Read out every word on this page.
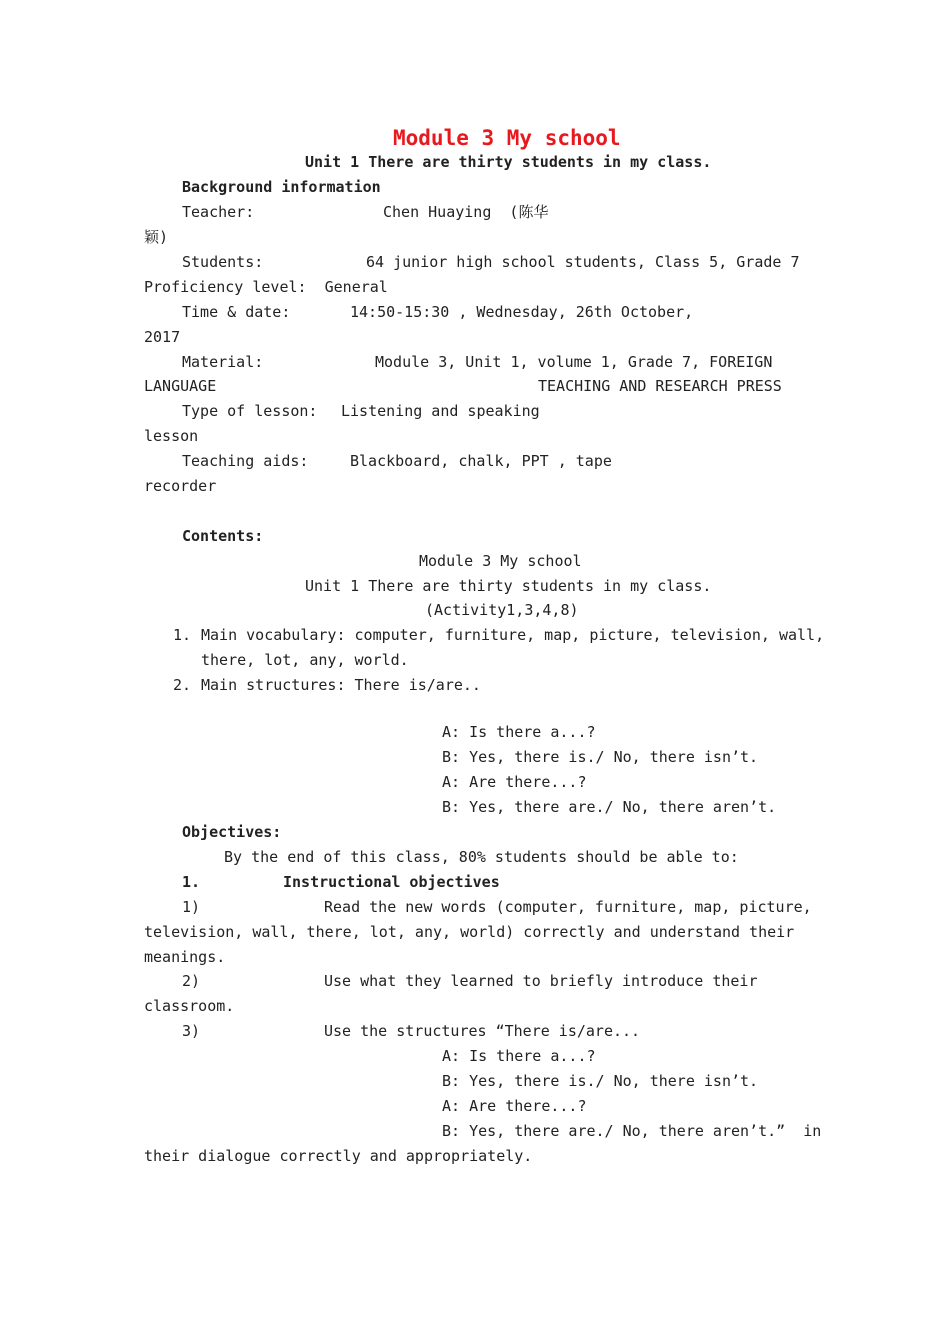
Module 3 My school
Unit 1 There are thirty students in my class.
Background information
Teacher:	Chen Huaying  (陈华
颖)
Students:	64 junior high school students, Class 5, Grade 7
Proficiency level:  General
Time & date:	14:50-15:30 , Wednesday, 26th October,
2017
Material:	Module 3, Unit 1, volume 1, Grade 7, FOREIGN
LANGUAGE	TEACHING AND RESEARCH PRESS
Type of lesson: Listening and speaking
lesson
Teaching aids:	Blackboard, chalk, PPT , tape
recorder
Contents:
Module 3 My school
Unit 1 There are thirty students in my class.
(Activity1,3,4,8)
1. Main vocabulary: computer, furniture, map, picture, television, wall,
there, lot, any, world.
2. Main structures: There is/are..
A: Is there a...?
B: Yes, there is./ No, there isn’t.
A: Are there...?
B: Yes, there are./ No, there aren’t.
Objectives:
By the end of this class, 80% students should be able to:
1.	Instructional objectives
1)	Read the new words (computer, furniture, map, picture,
television, wall, there, lot, any, world) correctly and understand their
meanings.
2)	Use what they learned to briefly introduce their
classroom.
3)	Use the structures “There is/are...
A: Is there a...?
B: Yes, there is./ No, there isn’t.
A: Are there...?
B: Yes, there are./ No, there aren’t.”  in
their dialogue correctly and appropriately.
